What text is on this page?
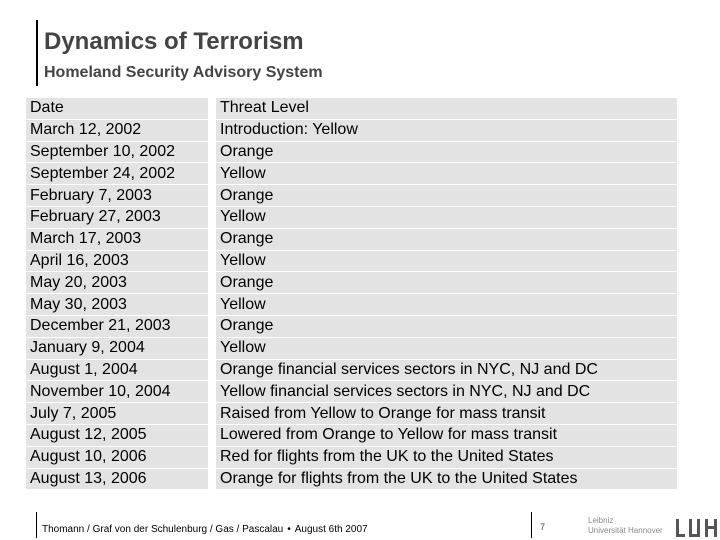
Dynamics of Terrorism
Homeland Security Advisory System
Date	Threat Level
March 12, 2002	Introduction: Yellow
September 10, 2002	Orange
September 24, 2002	Yellow
February 7, 2003	Orange
February 27, 2003	Yellow
March 17, 2003	Orange
April 16, 2003	Yellow
May 20, 2003	Orange
May 30, 2003	Yellow
December 21, 2003	Orange
January 9, 2004	Yellow
August 1, 2004	Orange financial services sectors in NYC, NJ and DC
November 10, 2004	Yellow financial services sectors in NYC, NJ and DC
July 7, 2005	Raised from Yellow to Orange for mass transit
August 12, 2005	Lowered from Orange to Yellow for mass transit
August 10, 2006	Red for flights from the UK to the United States
August 13, 2006	Orange for flights from the UK to the United States
Thomann / Graf von der Schulenburg / Gas / Pascalau • August 6th 2007	7
Leibniz
Universität Hannover
